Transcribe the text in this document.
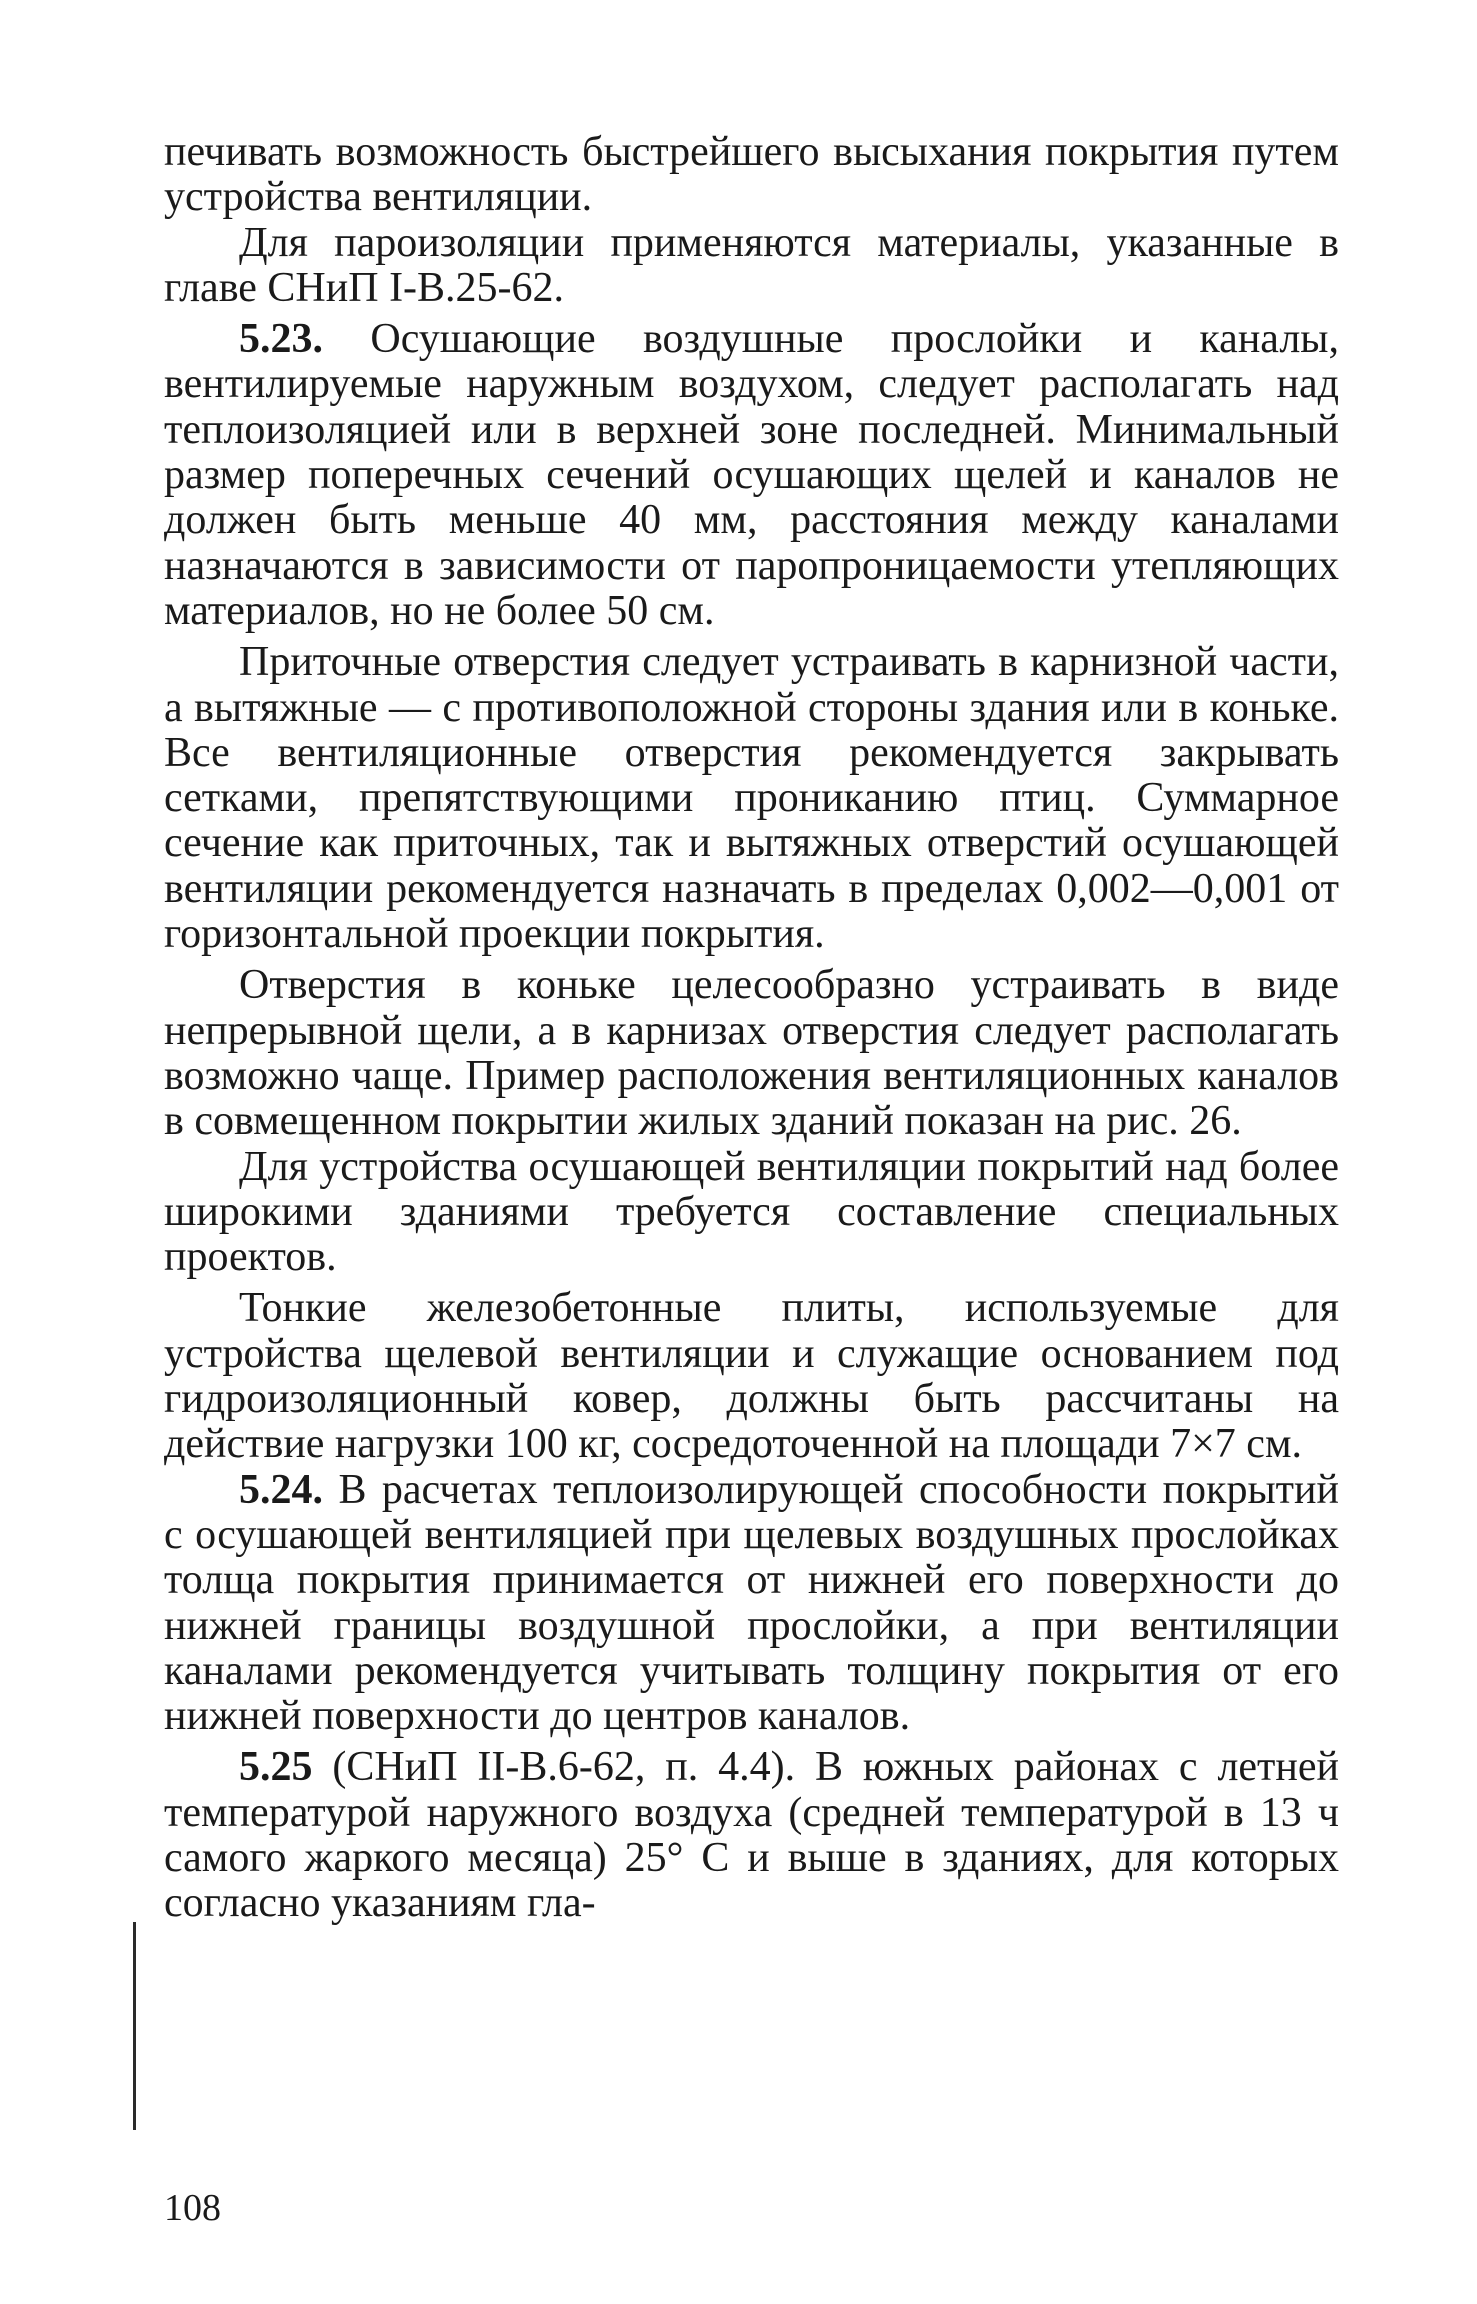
печивать возможность быстрейшего высыхания покрытия путем устройства вентиляции.

Для пароизоляции применяются материалы, указанные в главе СНиП I-В.25-62.

5.23. Осушающие воздушные прослойки и каналы, вентилируемые наружным воздухом, следует располагать над теплоизоляцией или в верхней зоне последней. Минимальный размер поперечных сечений осушающих щелей и каналов не должен быть меньше 40 мм, расстояния между каналами назначаются в зависимости от паропроницаемости утепляющих материалов, но не более 50 см.

Приточные отверстия следует устраивать в карнизной части, а вытяжные — с противоположной стороны здания или в коньке. Все вентиляционные отверстия рекомендуется закрывать сетками, препятствующими прониканию птиц. Суммарное сечение как приточных, так и вытяжных отверстий осушающей вентиляции рекомендуется назначать в пределах 0,002—0,001 от горизонтальной проекции покрытия.

Отверстия в коньке целесообразно устраивать в виде непрерывной щели, а в карнизах отверстия следует располагать возможно чаще. Пример расположения вентиляционных каналов в совмещенном покрытии жилых зданий показан на рис. 26.

Для устройства осушающей вентиляции покрытий над более широкими зданиями требуется составление специальных проектов.

Тонкие железобетонные плиты, используемые для устройства щелевой вентиляции и служащие основанием под гидроизоляционный ковер, должны быть рассчитаны на действие нагрузки 100 кг, сосредоточенной на площади 7×7 см.

5.24. В расчетах теплоизолирующей способности покрытий с осушающей вентиляцией при щелевых воздушных прослойках толща покрытия принимается от нижней его поверхности до нижней границы воздушной прослойки, а при вентиляции каналами рекомендуется учитывать толщину покрытия от его нижней поверхности до центров каналов.

5.25 (СНиП II-В.6-62, п. 4.4). В южных районах с летней температурой наружного воздуха (средней температурой в 13 ч самого жаркого месяца) 25° С и выше в зданиях, для которых согласно указаниям гла-

108
